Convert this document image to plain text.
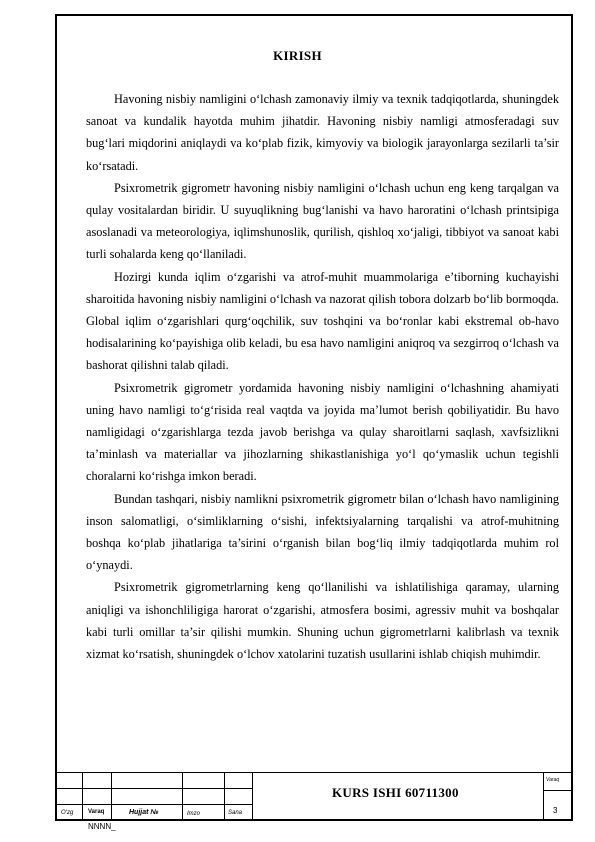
KIRISH

Havoning nisbiy namligini o‘lchash zamonaviy ilmiy va texnik tadqiqotlarda, shuningdek sanoat va kundalik hayotda muhim jihatdir. Havoning nisbiy namligi atmosferadagi suv bug‘lari miqdorini aniqlaydi va ko‘plab fizik, kimyoviy va biologik jarayonlarga sezilarli ta’sir ko‘rsatadi.

Psixrometrik gigrometr havoning nisbiy namligini o‘lchash uchun eng keng tarqalgan va qulay vositalardan biridir. U suyuqlikning bug‘lanishi va havo haroratini o‘lchash printsipiga asoslanadi va meteorologiya, iqlimshunoslik, qurilish, qishloq xo‘jaligi, tibbiyot va sanoat kabi turli sohalarda keng qo‘llaniladi.

Hozirgi kunda iqlim o‘zgarishi va atrof-muhit muammolariga e’tiborning kuchayishi sharoitida havoning nisbiy namligini o‘lchash va nazorat qilish tobora dolzarb bo‘lib bormoqda. Global iqlim o‘zgarishlari qurg‘oqchilik, suv toshqini va bo‘ronlar kabi ekstremal ob-havo hodisalarining ko‘payishiga olib keladi, bu esa havo namligini aniqroq va sezgirroq o‘lchash va bashorat qilishni talab qiladi.

Psixrometrik gigrometr yordamida havoning nisbiy namligini o‘lchashning ahamiyati uning havo namligi to‘g‘risida real vaqtda va joyida ma’lumot berish qobiliyatidir. Bu havo namligidagi o‘zgarishlarga tezda javob berishga va qulay sharoitlarni saqlash, xavfsizlikni ta’minlash va materiallar va jihozlarning shikastlanishiga yo‘l qo‘ymaslik uchun tegishli choralarni ko‘rishga imkon beradi.

Bundan tashqari, nisbiy namlikni psixrometrik gigrometr bilan o‘lchash havo namligining inson salomatligi, o‘simliklarning o‘sishi, infektsiyalarning tarqalishi va atrof-muhitning boshqa ko‘plab jihatlariga ta’sirini o‘rganish bilan bog‘liq ilmiy tadqiqotlarda muhim rol o‘ynaydi.

Psixrometrik gigrometrlarning keng qo‘llanilishi va ishlatilishiga qaramay, ularning aniqligi va ishonchliligiga harorat o‘zgarishi, atmosfera bosimi, agressiv muhit va boshqalar kabi turli omillar ta’sir qilishi mumkin. Shuning uchun gigrometrlarni kalibrlash va texnik xizmat ko‘rsatish, shuningdek o‘lchov xatolarini tuzatish usullarini ishlab chiqish muhimdir.

O‘zg Varaq	Hujjat №	Imzo	Sana
Varaq
KURS ISHI 60711300
3
NNNN_
